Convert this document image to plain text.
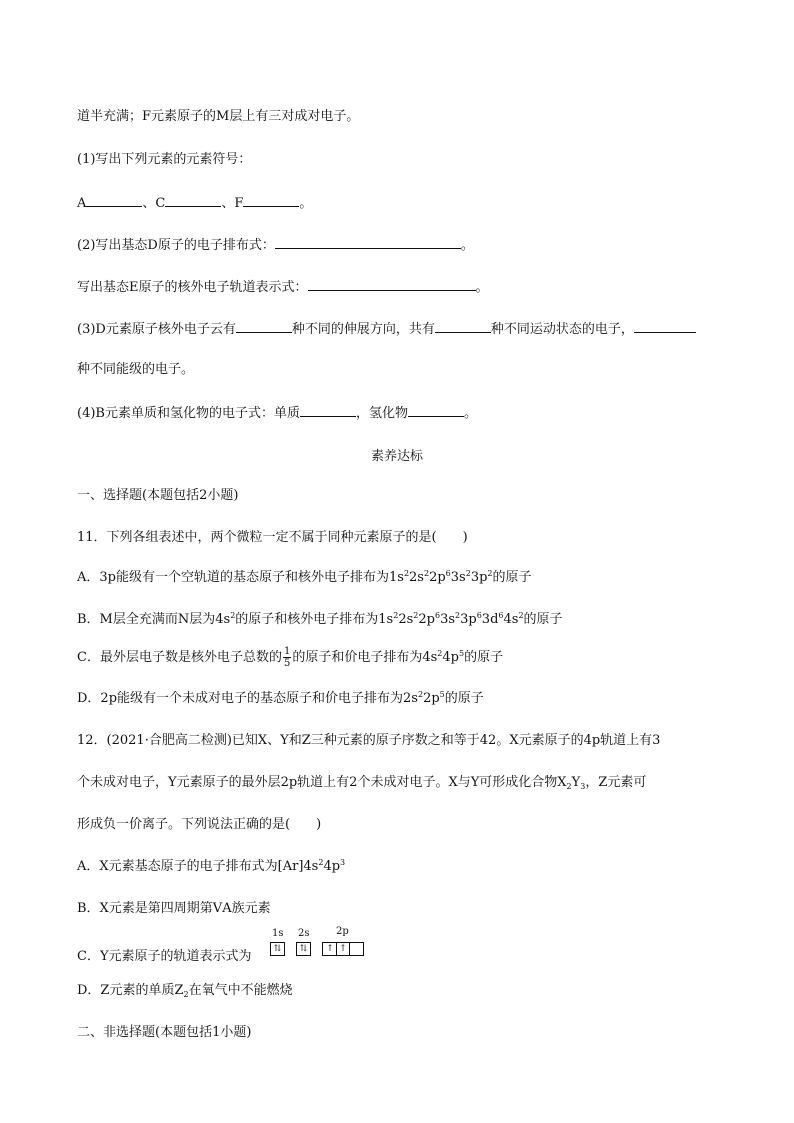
道半充满；F元素原子的M层上有三对成对电子。
(1)写出下列元素的元素符号：
A	、C	、F	。
(2)写出基态D原子的电子排布式：	。
写出基态E原子的核外电子轨道表示式：	。
(3)D元素原子核外电子云有	种不同的伸展方向，共有	种不同运动状态的电子，
种不同能级的电子。
(4)B元素单质和氢化物的电子式：单质	，氢化物	。
素养达标
一、选择题(本题包括2小题)
11．下列各组表述中，两个微粒一定不属于同种元素原子的是(　　)
A．3p能级有一个空轨道的基态原子和核外电子排布为$1s^22s^22p^63s^23p^2$的原子
B．M层全充满而N层为$4s^2$的原子和核外电子排布为$1s^22s^22p^63s^23p^63d^64s^2$的原子
C．最外层电子数是核外电子总数的 $\frac{1}{5}$ 的原子和价电子排布为$4s^24p^5$的原子
D．2p能级有一个未成对电子的基态原子和价电子排布为$2s^22p^5$的原子
12．(2021·合肥高二检测)已知X、Y和Z三种元素的原子序数之和等于42。X元素原子的4p轨道上有3
个未成对电子，Y元素原子的最外层2p轨道上有2个未成对电子。X与Y可形成化合物$X_2Y_3$，Z元素可
形成负一价离子。下列说法正确的是(　　)
A．X元素基态原子的电子排布式为$[Ar]4s^24p^3$
B．X元素是第四周期第ⅤA族元素
C．Y元素原子的轨道表示式为
1s 2s	2p
⇅	⇅	↑ ↑
D．Z元素的单质$Z_2$在氧气中不能燃烧
二、非选择题(本题包括1小题)
